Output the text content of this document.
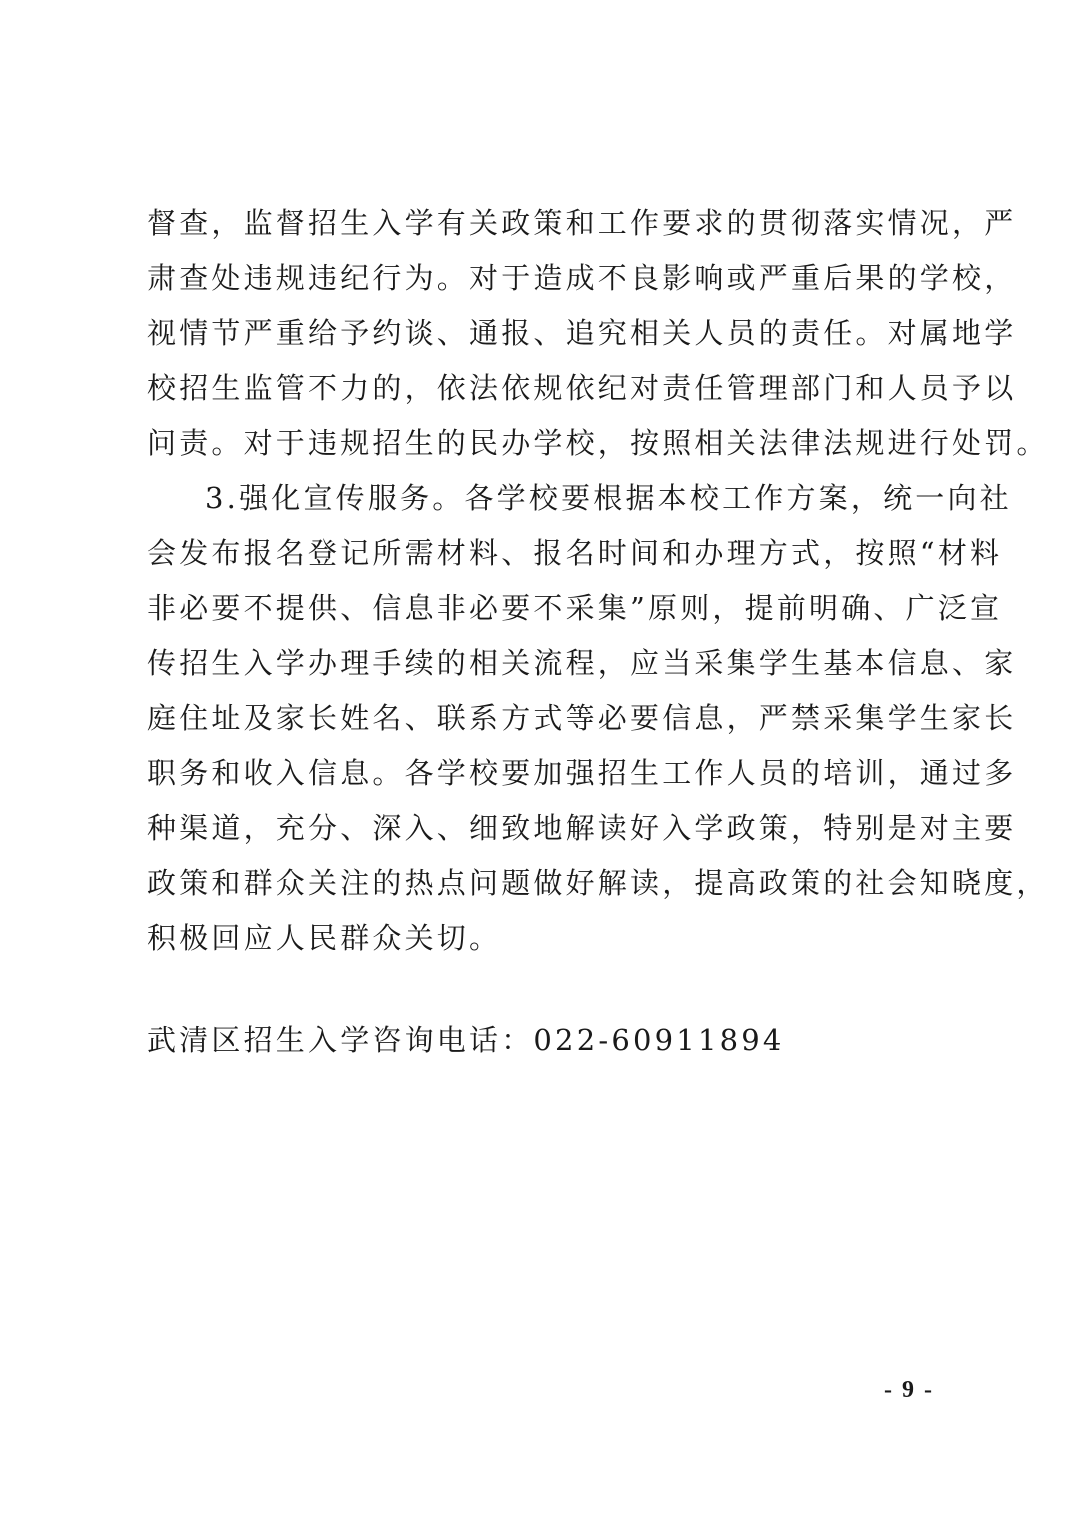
督查，监督招生入学有关政策和工作要求的贯彻落实情况，严
肃查处违规违纪行为。对于造成不良影响或严重后果的学校，
视情节严重给予约谈、通报、追究相关人员的责任。对属地学
校招生监管不力的，依法依规依纪对责任管理部门和人员予以
问责。对于违规招生的民办学校，按照相关法律法规进行处罚。
3.强化宣传服务。各学校要根据本校工作方案，统一向社
会发布报名登记所需材料、报名时间和办理方式，按照“材料
非必要不提供、信息非必要不采集”原则，提前明确、广泛宣
传招生入学办理手续的相关流程，应当采集学生基本信息、家
庭住址及家长姓名、联系方式等必要信息，严禁采集学生家长
职务和收入信息。各学校要加强招生工作人员的培训，通过多
种渠道，充分、深入、细致地解读好入学政策，特别是对主要
政策和群众关注的热点问题做好解读，提高政策的社会知晓度，
积极回应人民群众关切。
武清区招生入学咨询电话：022-60911894
- 9 -
